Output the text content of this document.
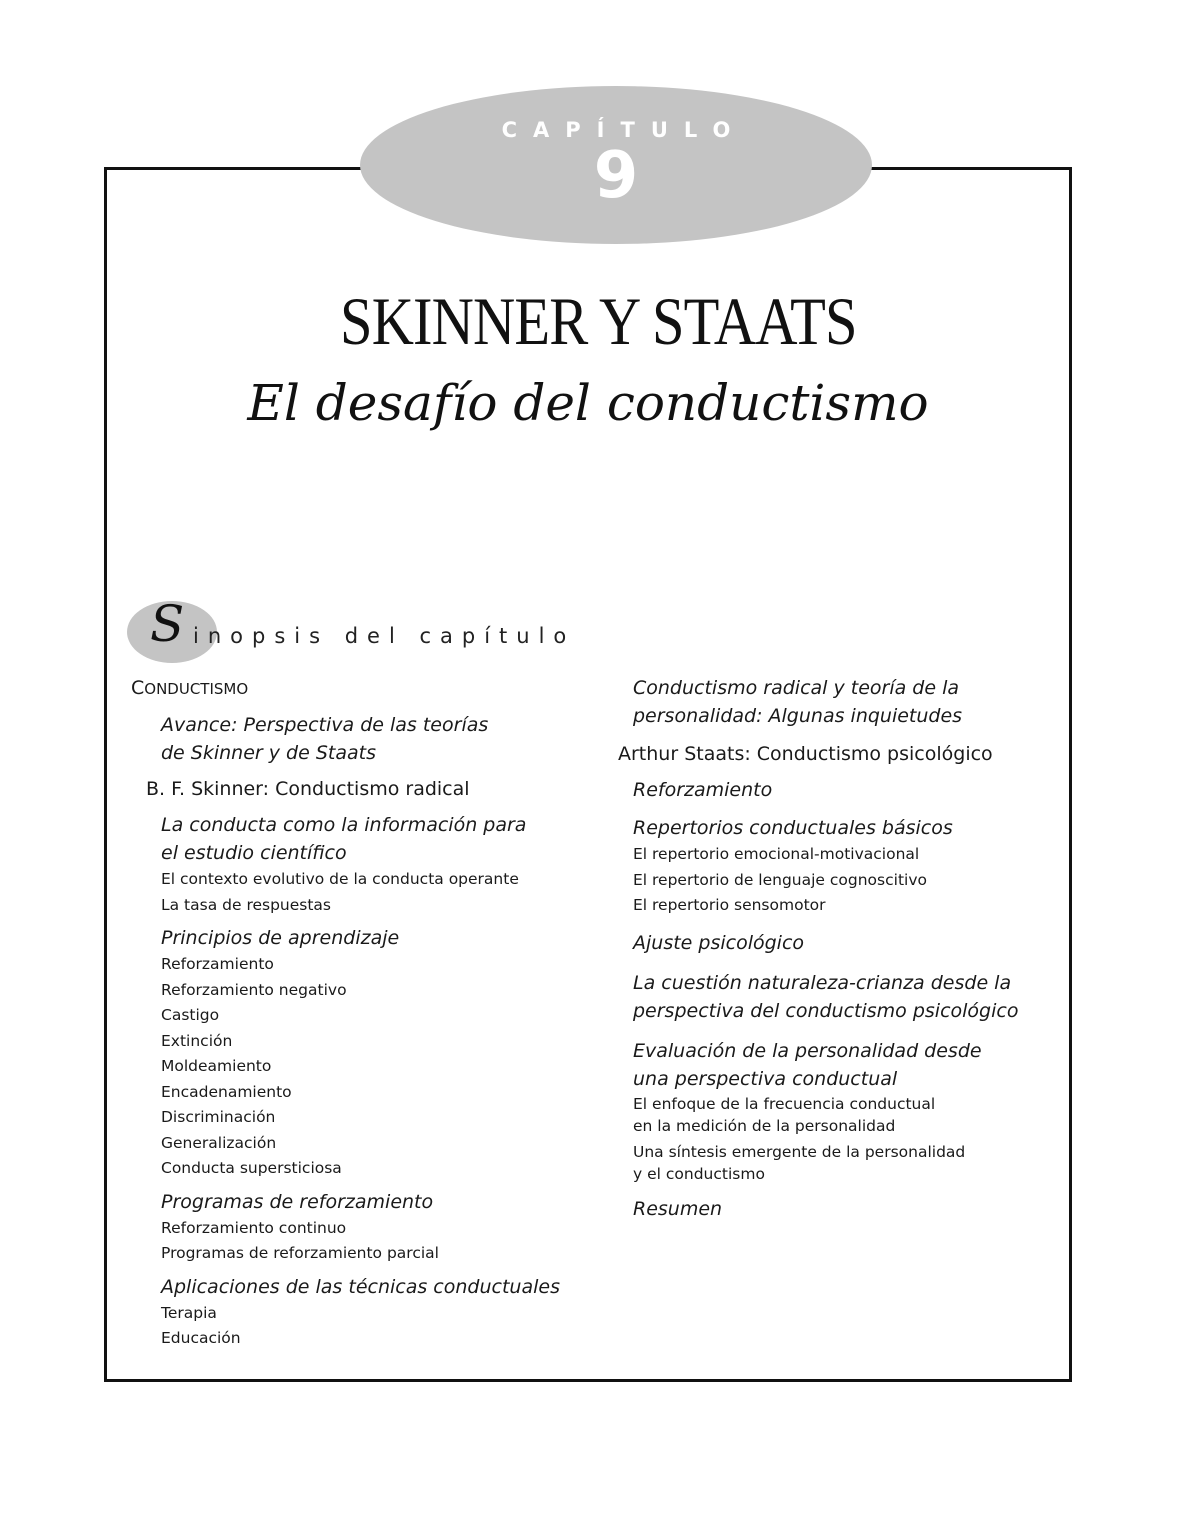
CAPÍTULO
9
SKINNER Y STAATS
El desafío del conductismo
S inopsis del capítulo
CONDUCTISMO
Avance: Perspectiva de las teorías
de Skinner y de Staats
B. F. Skinner: Conductismo radical
La conducta como la información para
el estudio científico
El contexto evolutivo de la conducta operante
La tasa de respuestas
Principios de aprendizaje
Reforzamiento
Reforzamiento negativo
Castigo
Extinción
Moldeamiento
Encadenamiento
Discriminación
Generalización
Conducta supersticiosa
Programas de reforzamiento
Reforzamiento continuo
Programas de reforzamiento parcial
Aplicaciones de las técnicas conductuales
Terapia
Educación
Conductismo radical y teoría de la
personalidad: Algunas inquietudes
Arthur Staats: Conductismo psicológico
Reforzamiento
Repertorios conductuales básicos
El repertorio emocional-motivacional
El repertorio de lenguaje cognoscitivo
El repertorio sensomotor
Ajuste psicológico
La cuestión naturaleza-crianza desde la
perspectiva del conductismo psicológico
Evaluación de la personalidad desde
una perspectiva conductual
El enfoque de la frecuencia conductual
en la medición de la personalidad
Una síntesis emergente de la personalidad
y el conductismo
Resumen
